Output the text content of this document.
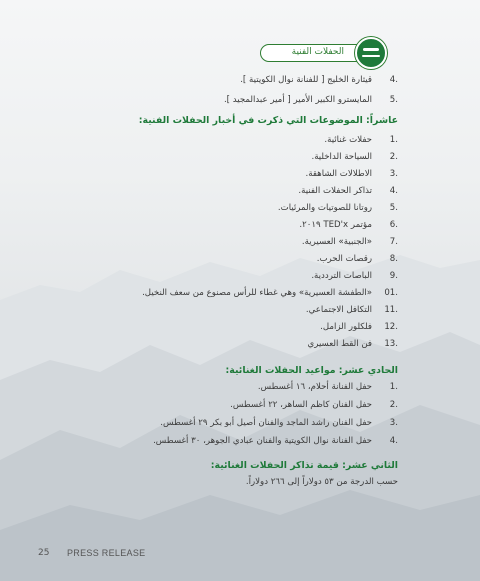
الحفلات الفنية
.4قيثارة الخليج [ للفنانة نوال الكويتية ].
.5المايسترو الكبير الأمير [ أمير عبدالمجيد ].
عاشراً: الموضوعات التي ذكرت في أخبار الحفلات الفنية:
.1حفلات غنائية.
.2السياحة الداخلية.
.3الاطلالات الشاهقة.
.4تذاكر الحفلات الفنية.
.5روتانا للصوتيات والمرئيات.
.6مؤتمر TED'x ٢٠١٩.
.7«الجنبية» العسيرية.
.8رقصات الحرب.
.9الباصات الترددية.
.01«الطفشة العسيرية» وهي غطاء للرأس مصنوع من سعف النخيل.
.11التكافل الاجتماعي.
.12فلكلور الزامل.
.13فن القط العسيري
الحادي عشر: مواعيد الحفلات الغنائية:
.1حفل الفنانة أحلام، ١٦ أغسطس.
.2حفل الفنان كاظم الساهر، ٢٢ أغسطس.
.3حفل الفنان راشد الماجد والفنان أصيل أبو بكر ٢٩ أغسطس.
.4حفل الفنانة نوال الكويتية والفنان عبادي الجوهر، ٣٠ أغسطس.
الثاني عشر: قيمة تذاكر الحفلات الغنائية:
حسب الدرجة من ٥٣ دولاراً إلى ٢٦٦ دولاراً.
25 PRESS RELEASE
